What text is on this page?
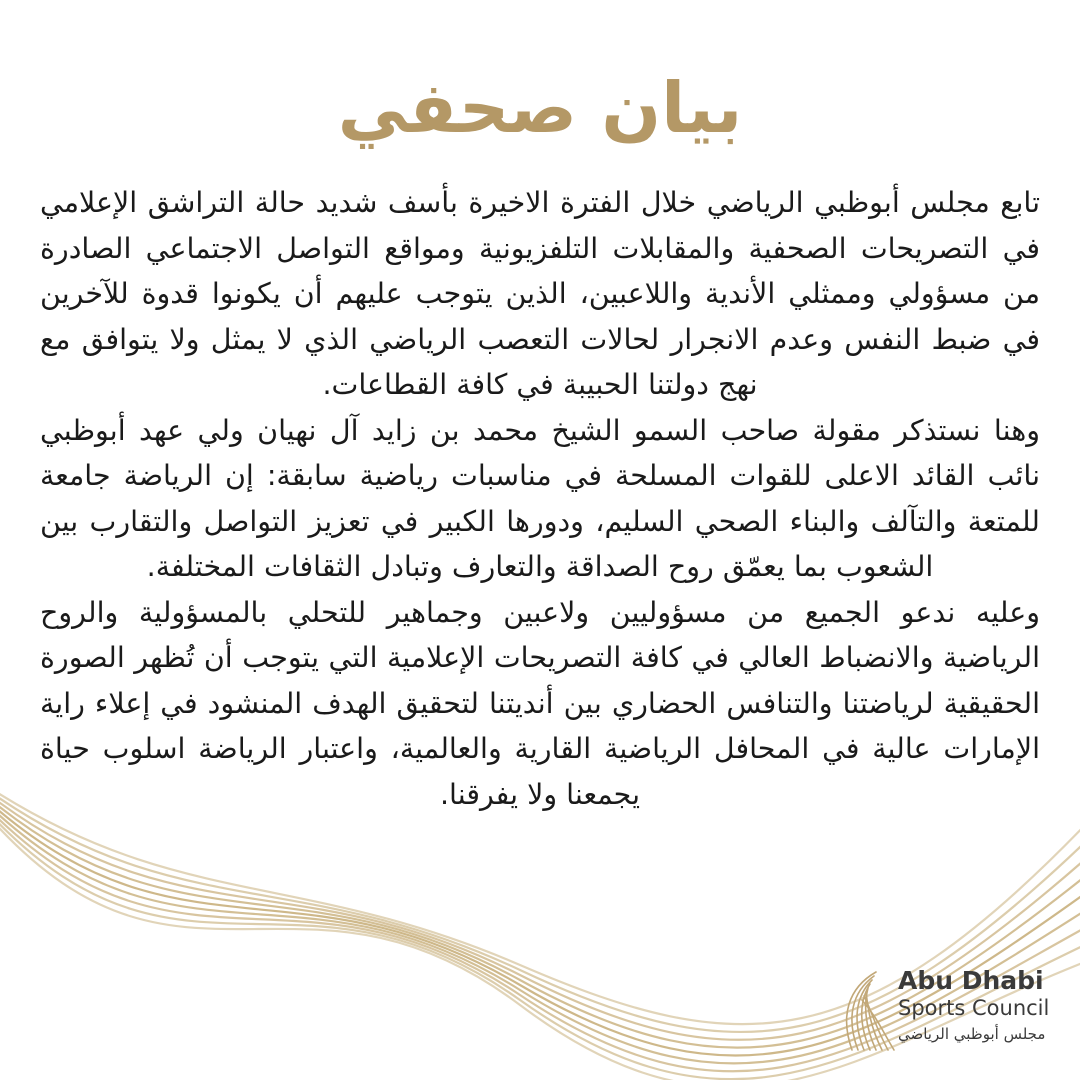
بيان صحفي

تابع مجلس أبوظبي الرياضي خلال الفترة الاخيرة بأسف شديد حالة التراشق الإعلامي في التصريحات الصحفية والمقابلات التلفزيونية ومواقع التواصل الاجتماعي الصادرة من مسؤولي وممثلي الأندية واللاعبين، الذين يتوجب عليهم أن يكونوا قدوة للآخرين في ضبط النفس وعدم الانجرار لحالات التعصب الرياضي الذي لا يمثل ولا يتوافق مع نهج دولتنا الحبيبة في كافة القطاعات.

وهنا نستذكر مقولة صاحب السمو الشيخ محمد بن زايد آل نهيان ولي عهد أبوظبي نائب القائد الاعلى للقوات المسلحة في مناسبات رياضية سابقة: إن الرياضة جامعة للمتعة والتآلف والبناء الصحي السليم، ودورها الكبير في تعزيز التواصل والتقارب بين الشعوب بما يعمّق روح الصداقة والتعارف وتبادل الثقافات المختلفة.

وعليه ندعو الجميع من مسؤوليين ولاعبين وجماهير للتحلي بالمسؤولية والروح الرياضية والانضباط العالي في كافة التصريحات الإعلامية التي يتوجب أن تُظهر الصورة الحقيقية لرياضتنا والتنافس الحضاري بين أنديتنا لتحقيق الهدف المنشود في إعلاء راية الإمارات عالية في المحافل الرياضية القارية والعالمية، واعتبار الرياضة اسلوب حياة يجمعنا ولا يفرقنا.

Abu Dhabi
Sports Council
مجلس أبوظبي الرياضي
